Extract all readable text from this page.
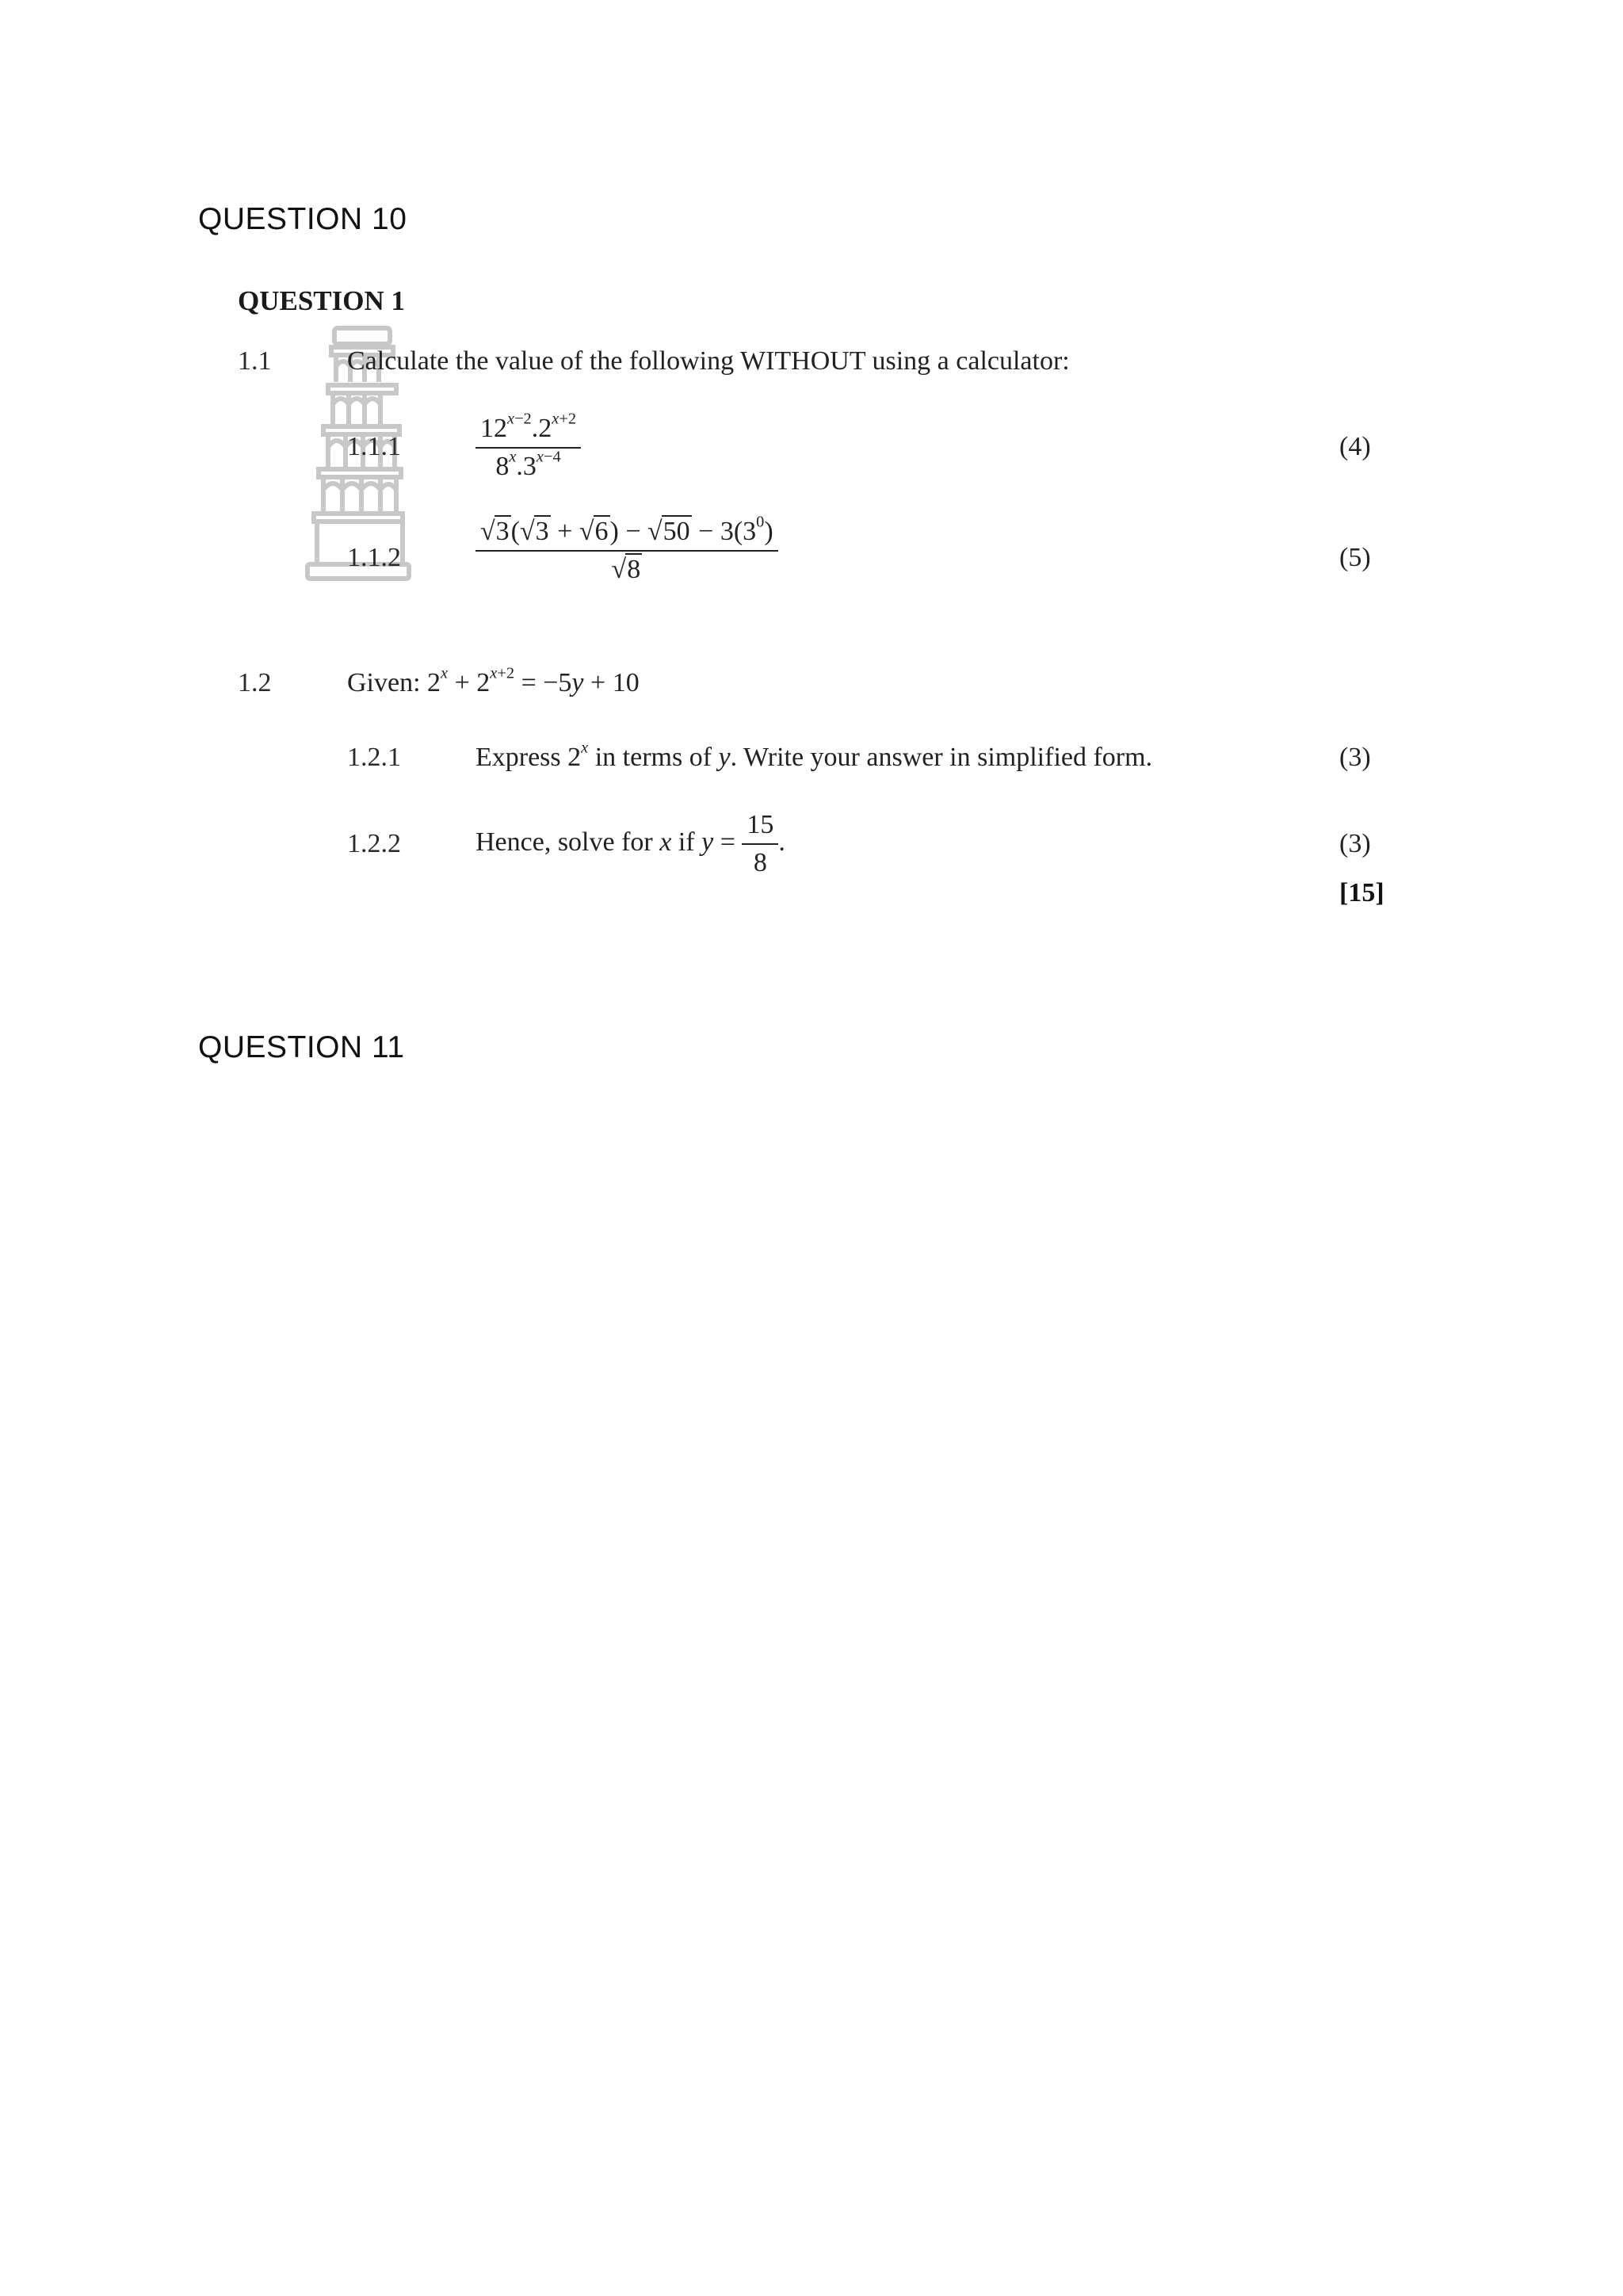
QUESTION 10
QUESTION 11
QUESTION 1
1.1	Calculate the value of the following WITHOUT using a calculator:
1.1.1	$\frac{12^{x-2}.2^{x+2}}{8^x.3^{x-4}}$	(4)
1.1.2	$\frac{√3(√3 + √6) - √50 - 3(3^0)}{√8}$	(5)
1.2	Given: $2^x + 2^{x+2} = -5y + 10$
1.2.1	Express 2$^x$ in terms of y. Write your answer in simplified form.	(3)
1.2.2	Hence, solve for x if $y = \frac{15}{8}$ .	(3)
[15]
